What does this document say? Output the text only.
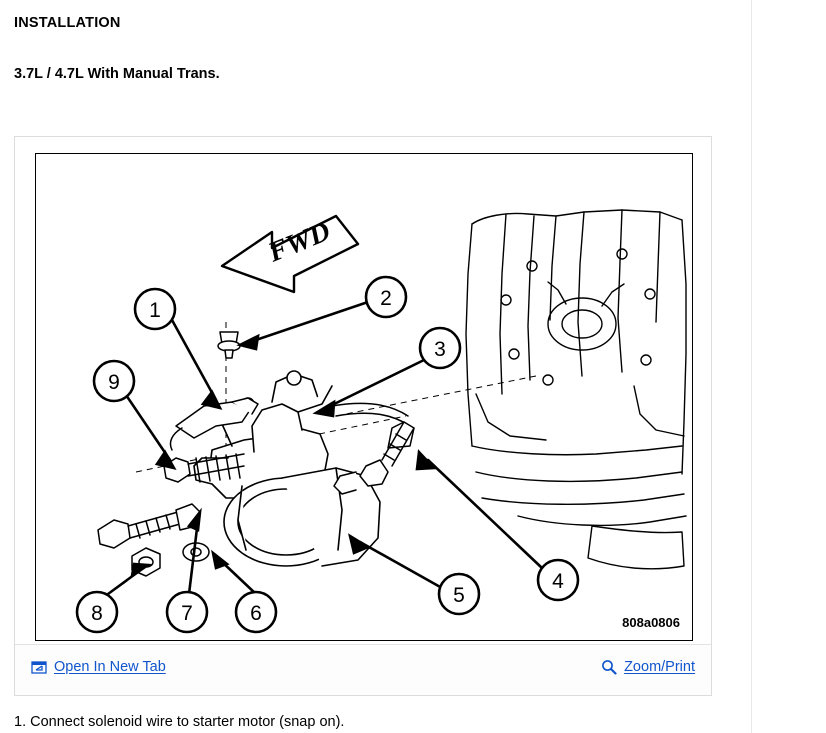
INSTALLATION
3.7L / 4.7L With Manual Trans.
FWD
1
2
3
4
5
6
7
8
9
808a0806
Open In New Tab	Zoom/Print
1. Connect solenoid wire to starter motor (snap on).
